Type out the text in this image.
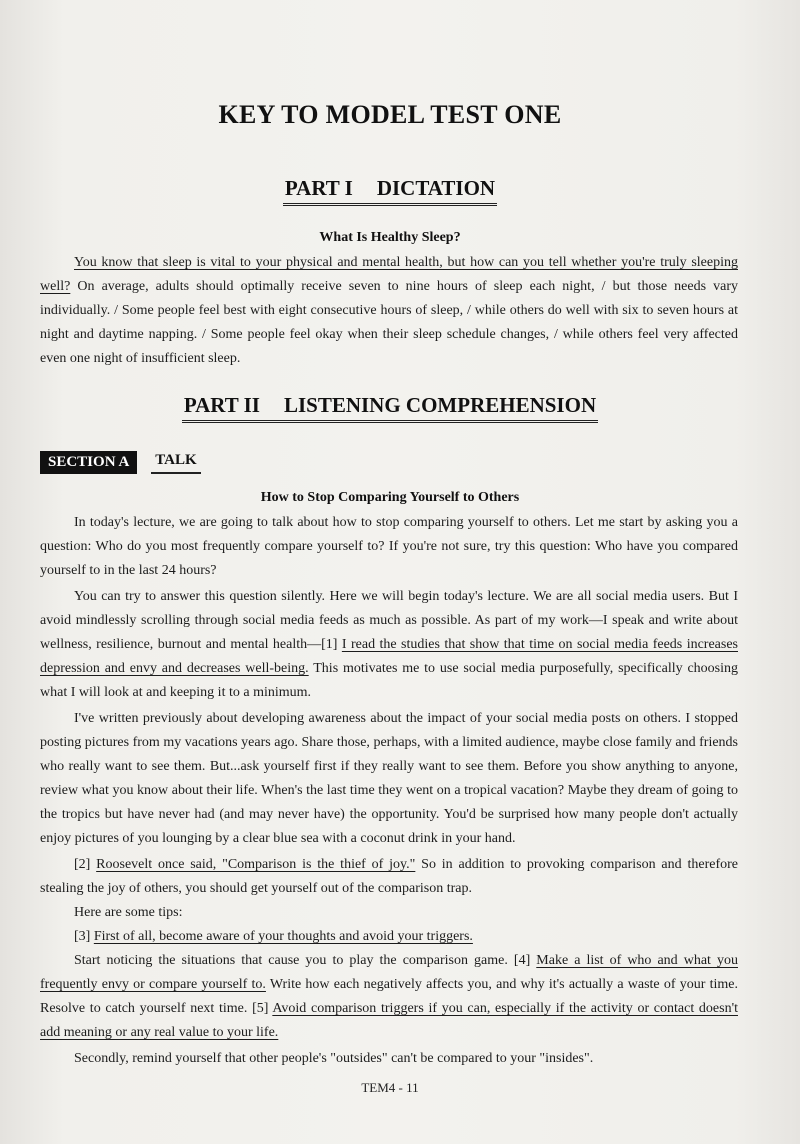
KEY TO MODEL TEST ONE
PART I DICTATION
What Is Healthy Sleep?

You know that sleep is vital to your physical and mental health, but how can you tell whether you're truly sleeping well? On average, adults should optimally receive seven to nine hours of sleep each night, / but those needs vary individually. / Some people feel best with eight consecutive hours of sleep, / while others do well with six to seven hours at night and daytime napping. / Some people feel okay when their sleep schedule changes, / while others feel very affected even one night of insufficient sleep.

PART II LISTENING COMPREHENSION
SECTION A	TALK
How to Stop Comparing Yourself to Others

In today's lecture, we are going to talk about how to stop comparing yourself to others. Let me start by asking you a question: Who do you most frequently compare yourself to? If you're not sure, try this question: Who have you compared yourself to in the last 24 hours?

You can try to answer this question silently. Here we will begin today's lecture. We are all social media users. But I avoid mindlessly scrolling through social media feeds as much as possible. As part of my work—I speak and write about wellness, resilience, burnout and mental health—[1] I read the studies that show that time on social media feeds increases depression and envy and decreases well-being. This motivates me to use social media purposefully, specifically choosing what I will look at and keeping it to a minimum.

I've written previously about developing awareness about the impact of your social media posts on others. I stopped posting pictures from my vacations years ago. Share those, perhaps, with a limited audience, maybe close family and friends who really want to see them. But...ask yourself first if they really want to see them. Before you show anything to anyone, review what you know about their life. When's the last time they went on a tropical vacation? Maybe they dream of going to the tropics but have never had (and may never have) the opportunity. You'd be surprised how many people don't actually enjoy pictures of you lounging by a clear blue sea with a coconut drink in your hand.

[2] Roosevelt once said, "Comparison is the thief of joy." So in addition to provoking comparison and therefore stealing the joy of others, you should get yourself out of the comparison trap.

Here are some tips:

[3] First of all, become aware of your thoughts and avoid your triggers.

Start noticing the situations that cause you to play the comparison game. [4] Make a list of who and what you frequently envy or compare yourself to. Write how each negatively affects you, and why it's actually a waste of your time. Resolve to catch yourself next time. [5] Avoid comparison triggers if you can, especially if the activity or contact doesn't add meaning or any real value to your life.

Secondly, remind yourself that other people's "outsides" can't be compared to your "insides".

TEM4 - 11
